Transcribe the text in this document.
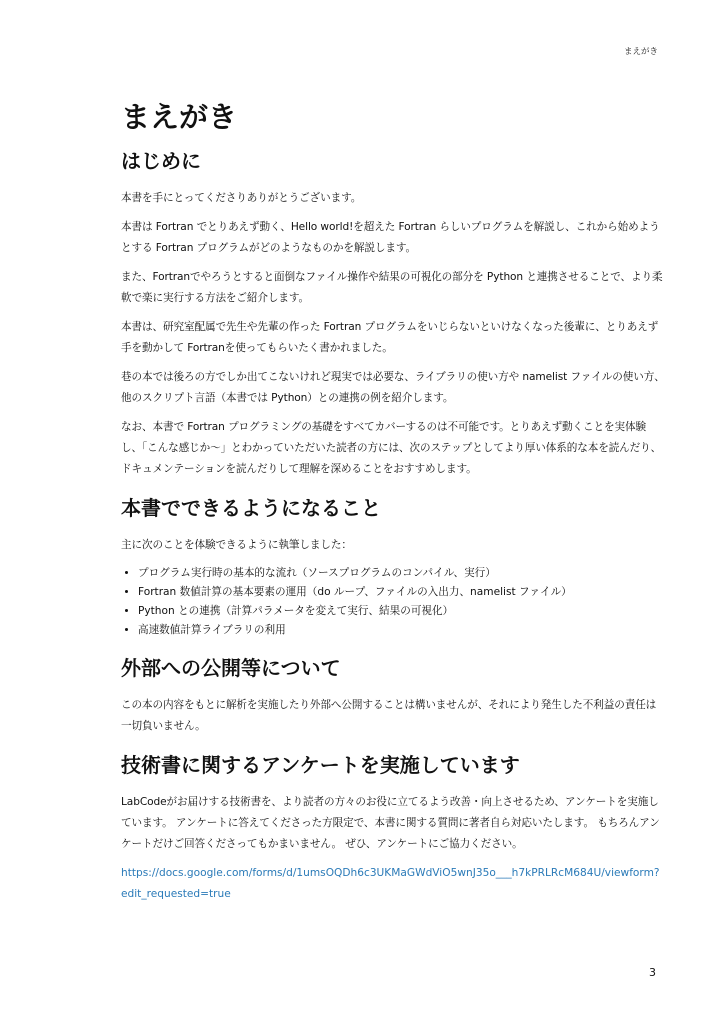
まえがき
まえがき
はじめに

本書を手にとってくださりありがとうございます。

本書は Fortran でとりあえず動く、Hello world!を超えた Fortran らしいプログラムを解説し、これから始めようとする Fortran プログラムがどのようなものかを解説します。

また、Fortranでやろうとすると面倒なファイル操作や結果の可視化の部分を Python と連携させることで、より柔軟で楽に実行する方法をご紹介します。

本書は、研究室配属で先生や先輩の作った Fortran プログラムをいじらないといけなくなった後輩に、とりあえず手を動かして Fortranを使ってもらいたく書かれました。

巷の本では後ろの方でしか出てこないけれど現実では必要な、ライブラリの使い方や namelist ファイルの使い方、他のスクリプト言語（本書では Python）との連携の例を紹介します。

なお、本書で Fortran プログラミングの基礎をすべてカバーするのは不可能です。とりあえず動くことを実体験し、「こんな感じか〜」とわかっていただいた読者の方には、次のステップとしてより厚い体系的な本を読んだり、ドキュメンテーションを読んだりして理解を深めることをおすすめします。

本書でできるようになること

主に次のことを体験できるように執筆しました：

• プログラム実行時の基本的な流れ（ソースプログラムのコンパイル、実行）
• Fortran 数値計算の基本要素の運用（do ループ、ファイルの入出力、namelist ファイル）
• Python との連携（計算パラメータを変えて実行、結果の可視化）
• 高速数値計算ライブラリの利用
外部への公開等について

この本の内容をもとに解析を実施したり外部へ公開することは構いませんが、それにより発生した不利益の責任は一切負いません。

技術書に関するアンケートを実施しています

LabCodeがお届けする技術書を、より読者の方々のお役に立てるよう改善・向上させるため、アンケートを実施しています。 アンケートに答えてくださった方限定で、本書に関する質問に著者自ら対応いたします。 もちろんアンケートだけご回答くださってもかまいません。 ぜひ、アンケートにご協力ください。

https://docs.google.com/forms/d/1umsOQDh6c3UKMaGWdViO5wnJ35o___h7kPRLRcM684U/viewform?edit_requested=true
3
